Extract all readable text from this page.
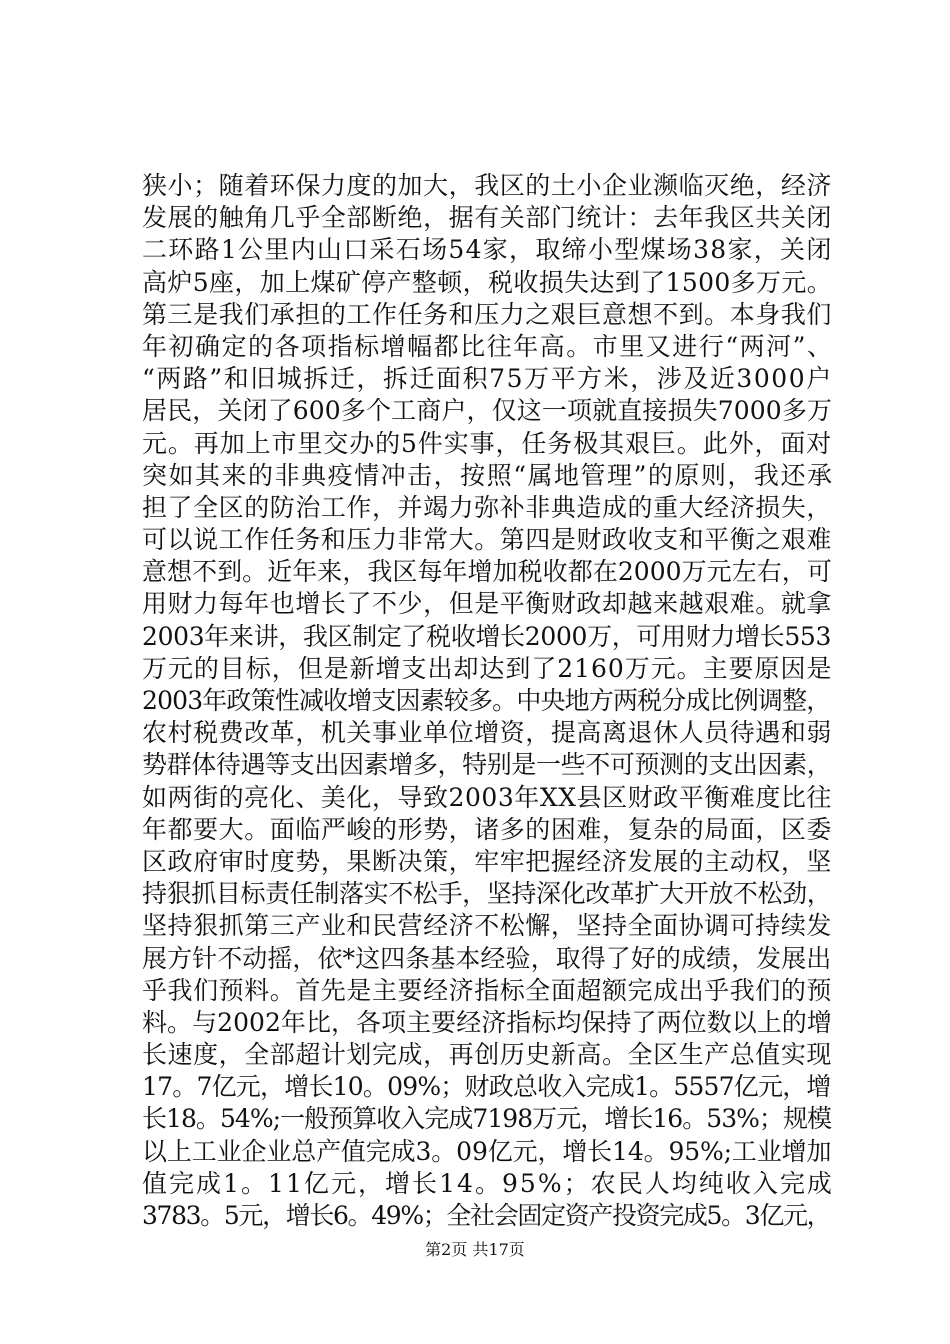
狭小；随着环保力度的加大，我区的土小企业濒临灭绝，经济
发展的触角几乎全部断绝，据有关部门统计：去年我区共关闭
二环路1公里内山口采石场54家，取缔小型煤场38家，关闭
高炉5座，加上煤矿停产整顿，税收损失达到了1500多万元。
第三是我们承担的工作任务和压力之艰巨意想不到。本身我们
年初确定的各项指标增幅都比往年高。市里又进行“两河”、
“两路”和旧城拆迁，拆迁面积75万平方米，涉及近3000户
居民，关闭了600多个工商户，仅这一项就直接损失7000多万
元。再加上市里交办的5件实事，任务极其艰巨。此外，面对
突如其来的非典疫情冲击，按照“属地管理”的原则，我还承
担了全区的防治工作，并竭力弥补非典造成的重大经济损失，
可以说工作任务和压力非常大。第四是财政收支和平衡之艰难
意想不到。近年来，我区每年增加税收都在2000万元左右，可
用财力每年也增长了不少，但是平衡财政却越来越艰难。就拿
2003年来讲，我区制定了税收增长2000万，可用财力增长553
万元的目标，但是新增支出却达到了2160万元。主要原因是
2003年政策性减收增支因素较多。中央地方两税分成比例调整，
农村税费改革，机关事业单位增资，提高离退休人员待遇和弱
势群体待遇等支出因素增多，特别是一些不可预测的支出因素，
如两街的亮化、美化，导致2003年XX县区财政平衡难度比往
年都要大。面临严峻的形势，诸多的困难，复杂的局面，区委
区政府审时度势，果断决策，牢牢把握经济发展的主动权，坚
持狠抓目标责任制落实不松手，坚持深化改革扩大开放不松劲，
坚持狠抓第三产业和民营经济不松懈，坚持全面协调可持续发
展方针不动摇，依*这四条基本经验，取得了好的成绩，发展出
乎我们预料。首先是主要经济指标全面超额完成出乎我们的预
料。与2002年比，各项主要经济指标均保持了两位数以上的增
长速度，全部超计划完成，再创历史新高。全区生产总值实现
17。7亿元，增长10。09%；财政总收入完成1。5557亿元，增
长18。54%;一般预算收入完成7198万元，增长16。53%；规模
以上工业企业总产值完成3。09亿元，增长14。95%;工业增加
值完成1。11亿元，增长14。95%；农民人均纯收入完成
3783。5元，增长6。49%；全社会固定资产投资完成5。3亿元，
第2页 共17页
